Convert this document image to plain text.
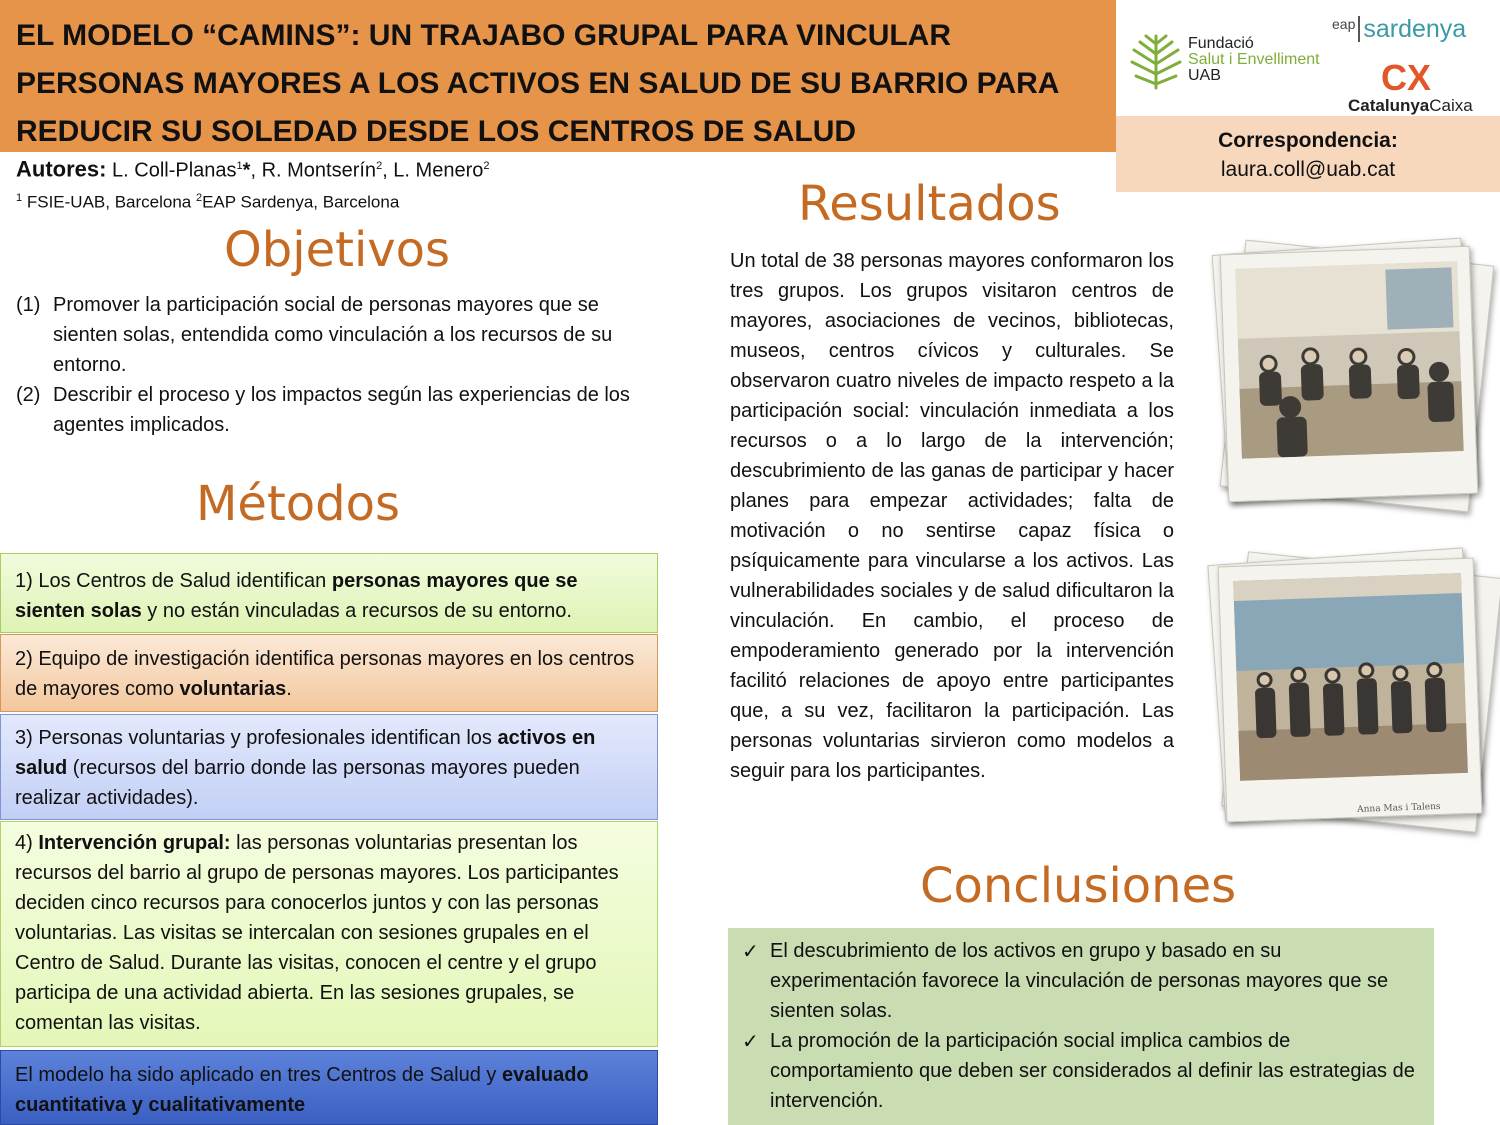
EL MODELO “CAMINS”: UN TRAJABO GRUPAL PARA VINCULAR
PERSONAS MAYORES A LOS ACTIVOS EN SALUD DE SU BARRIO PARA
REDUCIR SU SOLEDAD DESDE LOS CENTROS DE SALUD
Fundació
Salut i Envelliment
UAB
eap sardenya
CX
CatalunyaCaixa
Correspondencia:
laura.coll@uab.cat
Autores: L. Coll-Planas$^1$*, R. Montserín$^2$, L. Menero$^2$
$^1$ FSIE-UAB, Barcelona $^2$EAP Sardenya, Barcelona
Objetivos
(1) Promover la participación social de personas mayores que se sienten solas, entendida como vinculación a los recursos de su entorno.
(2) Describir el proceso y los impactos según las experiencias de los agentes implicados.
Métodos
1) Los Centros de Salud identifican personas mayores que se sienten solas y no están vinculadas a recursos de su entorno.
2) Equipo de investigación identifica personas mayores en los centros de mayores como voluntarias.
3) Personas voluntarias y profesionales identifican los activos en salud (recursos del barrio donde las personas mayores pueden realizar actividades).
4) Intervención grupal: las personas voluntarias presentan los recursos del barrio al grupo de personas mayores. Los participantes deciden cinco recursos para conocerlos juntos y con las personas voluntarias. Las visitas se intercalan con sesiones grupales en el Centro de Salud. Durante las visitas, conocen el centre y el grupo participa de una actividad abierta. En las sesiones grupales, se comentan las visitas.
El modelo ha sido aplicado en tres Centros de Salud y evaluado cuantitativa y cualitativamente
Resultados
Un total de 38 personas mayores conformaron los tres grupos. Los grupos visitaron centros de mayores, asociaciones de vecinos, bibliotecas, museos, centros cívicos y culturales. Se observaron cuatro niveles de impacto respeto a la participación social: vinculación inmediata a los recursos o a lo largo de la intervención; descubrimiento de las ganas de participar y hacer planes para empezar actividades; falta de motivación o no sentirse capaz física o psíquicamente para vincularse a los activos. Las vulnerabilidades sociales y de salud dificultaron la vinculación. En cambio, el proceso de empoderamiento generado por la intervención facilitó relaciones de apoyo entre participantes que, a su vez, facilitaron la participación. Las personas voluntarias sirvieron como modelos a seguir para los participantes.
Anna Mas i Talens
Conclusiones
✓ El descubrimiento de los activos en grupo y basado en su experimentación favorece la vinculación de personas mayores que se sienten solas.
✓ La promoción de la participación social implica cambios de comportamiento que deben ser considerados al definir las estrategias de intervención.
